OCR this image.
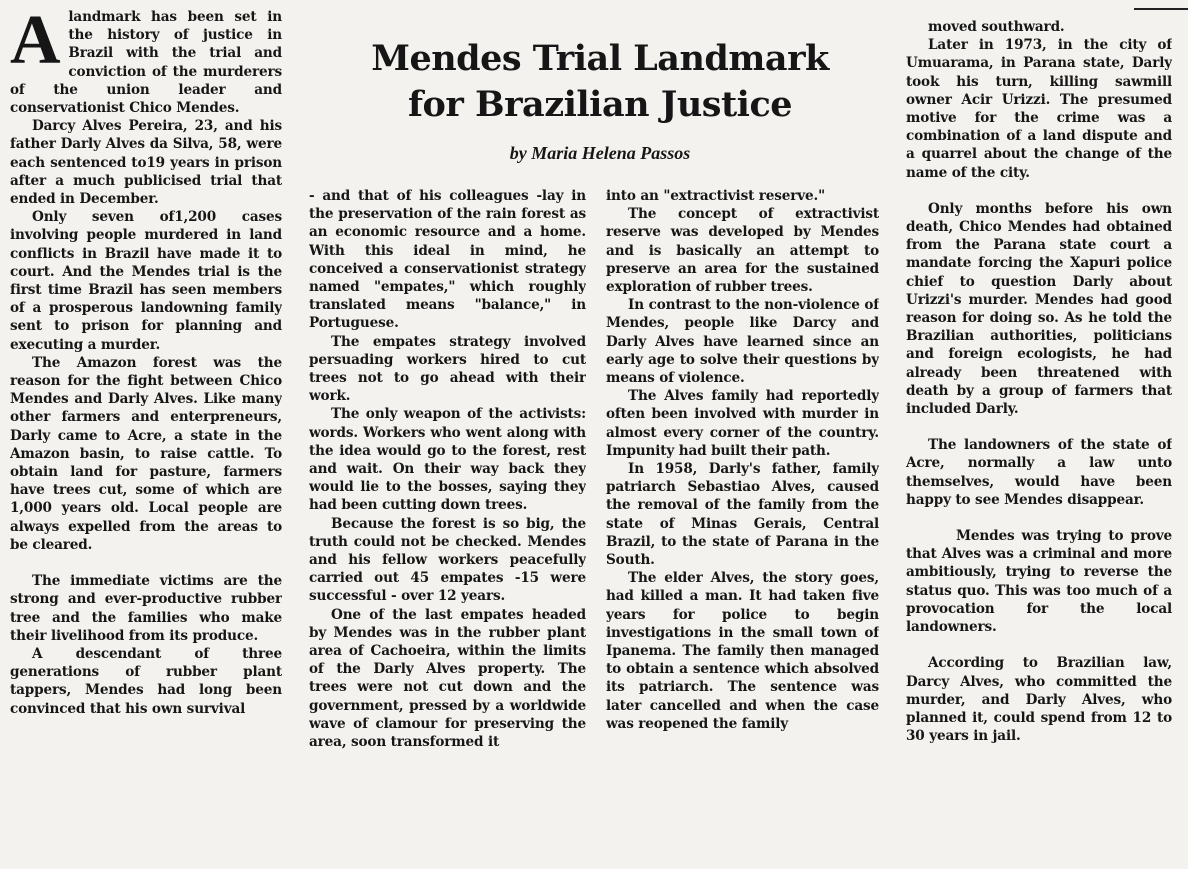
Mendes Trial Landmark
for Brazilian Justice

by Maria Helena Passos

Alandmark has been set in the history of justice in Brazil with the trial and conviction of the murderers of the union leader and conservationist Chico Mendes.

Darcy Alves Pereira, 23, and his father Darly Alves da Silva, 58, were each sentenced to19 years in prison after a much publicised trial that ended in December.

Only seven of1,200 cases involving people murdered in land conflicts in Brazil have made it to court. And the Mendes trial is the first time Brazil has seen members of a prosperous landowning family sent to prison for planning and executing a murder.

The Amazon forest was the reason for the fight between Chico Mendes and Darly Alves. Like many other farmers and enterpreneurs, Darly came to Acre, a state in the Amazon basin, to raise cattle. To obtain land for pasture, farmers have trees cut, some of which are 1,000 years old. Local people are always expelled from the areas to be cleared.

The immediate victims are the strong and ever-productive rubber tree and the families who make their livelihood from its produce.

A descendant of three generations of rubber plant tappers, Mendes had long been convinced that his own survival

- and that of his colleagues -lay in the preservation of the rain forest as an economic resource and a home. With this ideal in mind, he conceived a conservationist strategy named "empates," which roughly translated means "balance," in Portuguese.

The empates strategy involved persuading workers hired to cut trees not to go ahead with their work.

The only weapon of the activists: words. Workers who went along with the idea would go to the forest, rest and wait. On their way back they would lie to the bosses, saying they had been cutting down trees.

Because the forest is so big, the truth could not be checked. Mendes and his fellow workers peacefully carried out 45 empates -15 were successful - over 12 years.

One of the last empates headed by Mendes was in the rubber plant area of Cachoeira, within the limits of the Darly Alves property. The trees were not cut down and the government, pressed by a worldwide wave of clamour for preserving the area, soon transformed it

into an "extractivist reserve."

The concept of extractivist reserve was developed by Mendes and is basically an attempt to preserve an area for the sustained exploration of rubber trees.

In contrast to the non-violence of Mendes, people like Darcy and Darly Alves have learned since an early age to solve their questions by means of violence.

The Alves family had reportedly often been involved with murder in almost every corner of the country. Impunity had built their path.

In 1958, Darly's father, family patriarch Sebastiao Alves, caused the removal of the family from the state of Minas Gerais, Central Brazil, to the state of Parana in the South.

The elder Alves, the story goes, had killed a man. It had taken five years for police to begin investigations in the small town of Ipanema. The family then managed to obtain a sentence which absolved its patriarch. The sentence was later cancelled and when the case was reopened the family

moved southward.

Later in 1973, in the city of Umuarama, in Parana state, Darly took his turn, killing sawmill owner Acir Urizzi. The presumed motive for the crime was a combination of a land dispute and a quarrel about the change of the name of the city.

Only months before his own death, Chico Mendes had obtained from the Parana state court a mandate forcing the Xapuri police chief to question Darly about Urizzi's murder. Mendes had good reason for doing so. As he told the Brazilian authorities, politicians and foreign ecologists, he had already been threatened with death by a group of farmers that included Darly.

The landowners of the state of Acre, normally a law unto themselves, would have been happy to see Mendes disappear.

Mendes was trying to prove that Alves was a criminal and more ambitiously, trying to reverse the status quo. This was too much of a provocation for the local landowners.

According to Brazilian law, Darcy Alves, who committed the murder, and Darly Alves, who planned it, could spend from 12 to 30 years in jail.
